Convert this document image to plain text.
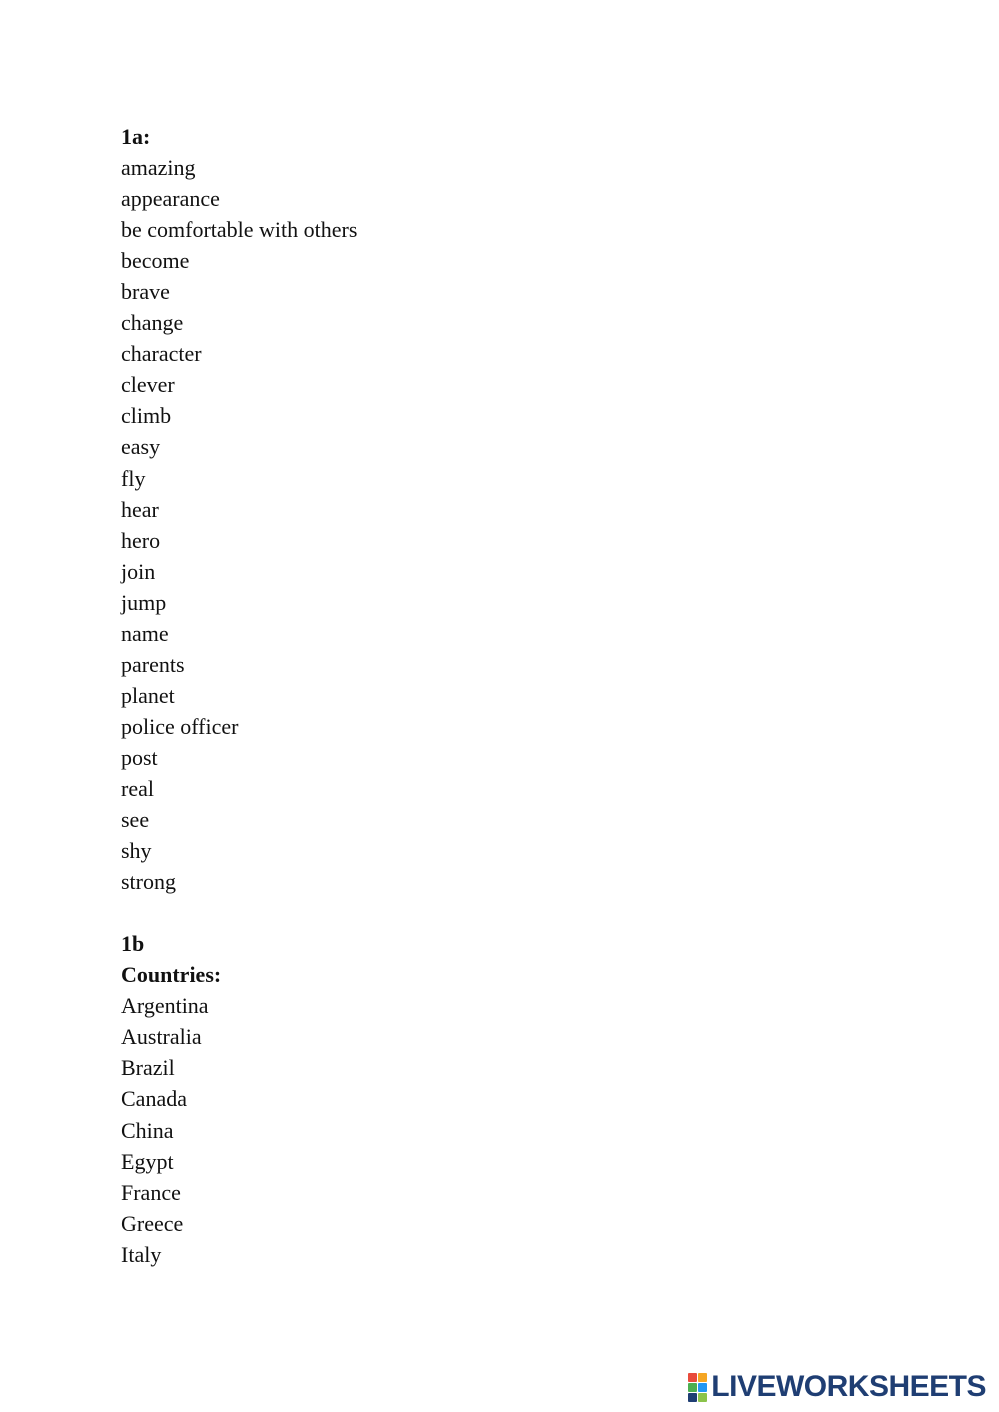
1a:
amazing
appearance
be comfortable with others
become
brave
change
character
clever
climb
easy
fly
hear
hero
join
jump
name
parents
planet
police officer
post
real
see
shy
strong
1b
Countries:
Argentina
Australia
Brazil
Canada
China
Egypt
France
Greece
Italy
LIVEWORKSHEETS
